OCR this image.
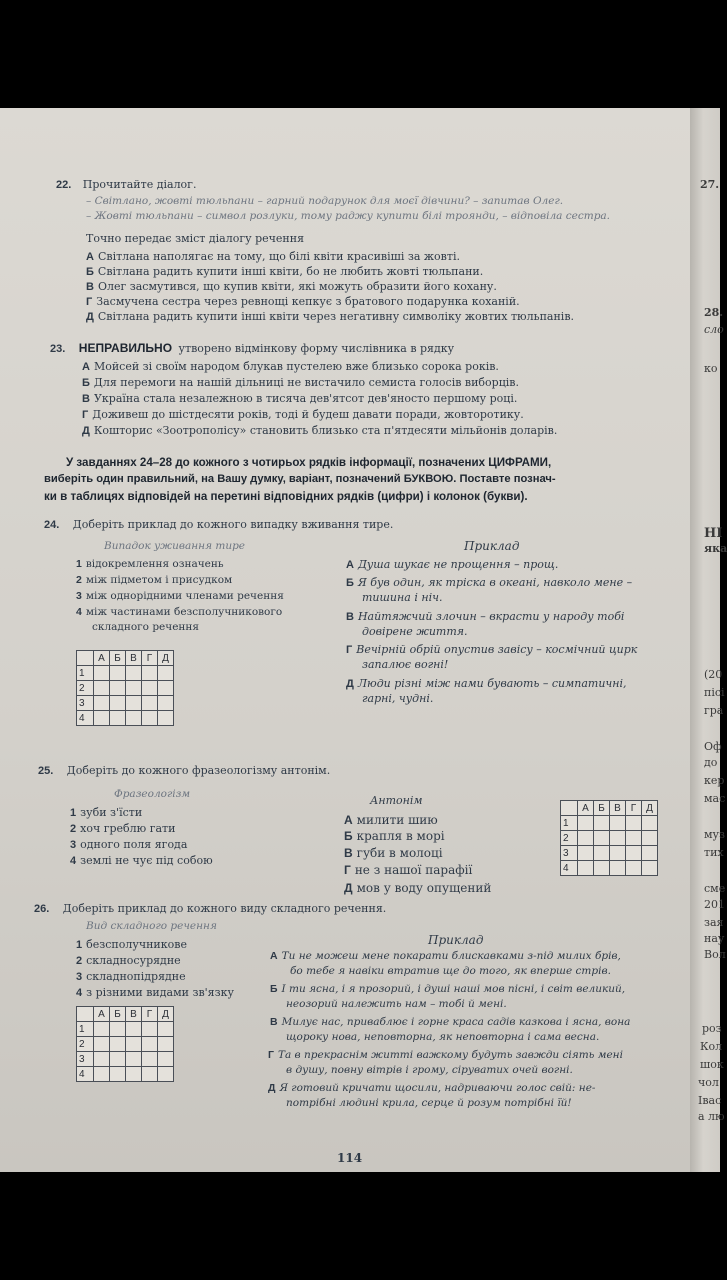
27.
28.
сло
ко
НІ
яка
(20
пісі
гра
Оф
до
кер
мас
муз
тих
сме
201
зая
нау
Вол
роз
Кол
шок
чол
Івас
а лю
22. Прочитайте діалог.
– Світлано, жовті тюльпани – гарний подарунок для моєї дівчини? – запитав Олег.
– Жовті тюльпани – символ розлуки, тому раджу купити білі троянди, – відповіла сестра.
Точно передає зміст діалогу речення
А Світлана наполягає на тому, що білі квіти красивіші за жовті.
Б Світлана радить купити інші квіти, бо не любить жовті тюльпани.
В Олег засмутився, що купив квіти, які можуть образити його кохану.
Г Засмучена сестра через ревнощі кепкує з братового подарунка коханій.
Д Світлана радить купити інші квіти через негативну символіку жовтих тюльпанів.
23. НЕПРАВИЛЬНО утворено відмінкову форму числівника в рядку
А Мойсей зі своїм народом блукав пустелею вже близько сорока років.
Б Для перемоги на нашій дільниці не вистачило семиста голосів виборців.
В Україна стала незалежною в тисяча дев'ятсот дев'яносто першому році.
Г Доживеш до шістдесяти років, тоді й будеш давати поради, жовторотику.
Д Кошторис «Зоотрополісу» становить близько ста п'ятдесяти мільйонів доларів.
У завданнях 24–28 до кожного з чотирьох рядків інформації, позначених ЦИФРАМИ,
виберіть один правильний, на Вашу думку, варіант, позначений БУКВОЮ. Поставте познач-
ки в таблицях відповідей на перетині відповідних рядків (цифри) і колонок (букви).
24. Доберіть приклад до кожного випадку вживання тире.
Випадок уживання тире	Приклад
1 відокремлення означень
2 між підметом і присудком
3 між однорідними членами речення
4 між частинами безсполучникового
складного речення
А Душа шукає не прощення – прощ.
Б Я був один, як тріска в океані, навколо мене –
тишина і ніч.
В Найтяжчий злочин – вкрасти у народу тобі
довірене життя.
Г Вечірній обрій опустив завісу – космічний цирк
запалює вогні!
Д Люди різні між нами бувають – симпатичні,
гарні, чудні.
	А	Б	В	Г	Д
1					
2					
3					
4					
25. Доберіть до кожного фразеологізму антонім.
Фразеологізм	Антонім
1 зуби з'їсти
2 хоч греблю гати
3 одного поля ягода
4 землі не чує під собою
А милити шию
Б крапля в морі
В губи в молоці
Г не з нашої парафії
Д мов у воду опущений
	А	Б	В	Г	Д
1					
2					
3					
4					
26. Доберіть приклад до кожного виду складного речення.
Вид складного речення
Приклад
1 безсполучникове
2 складносурядне
3 складнопідрядне
4 з різними видами зв'язку
А Ти не можеш мене покарати блискавками з-під милих брів,
бо тебе я навіки втратив ще до того, як вперше стрів.
Б І ти ясна, і я прозорий, і душі наші мов пісні, і світ великий,
неозорий належить нам – тобі й мені.
В Милує нас, приваблює і горне краса садів казкова і ясна, вона
щороку нова, неповторна, як неповторна і сама весна.
Г Та в прекраснім житті важкому будуть завжди сіять мені
в душу, повну вітрів і грому, сіруватих очей вогні.
Д Я готовий кричати щосили, надриваючи голос свій: не-
потрібні людині крила, серце й розум потрібні їй!
	А	Б	В	Г	Д
1					
2					
3					
4					
114
